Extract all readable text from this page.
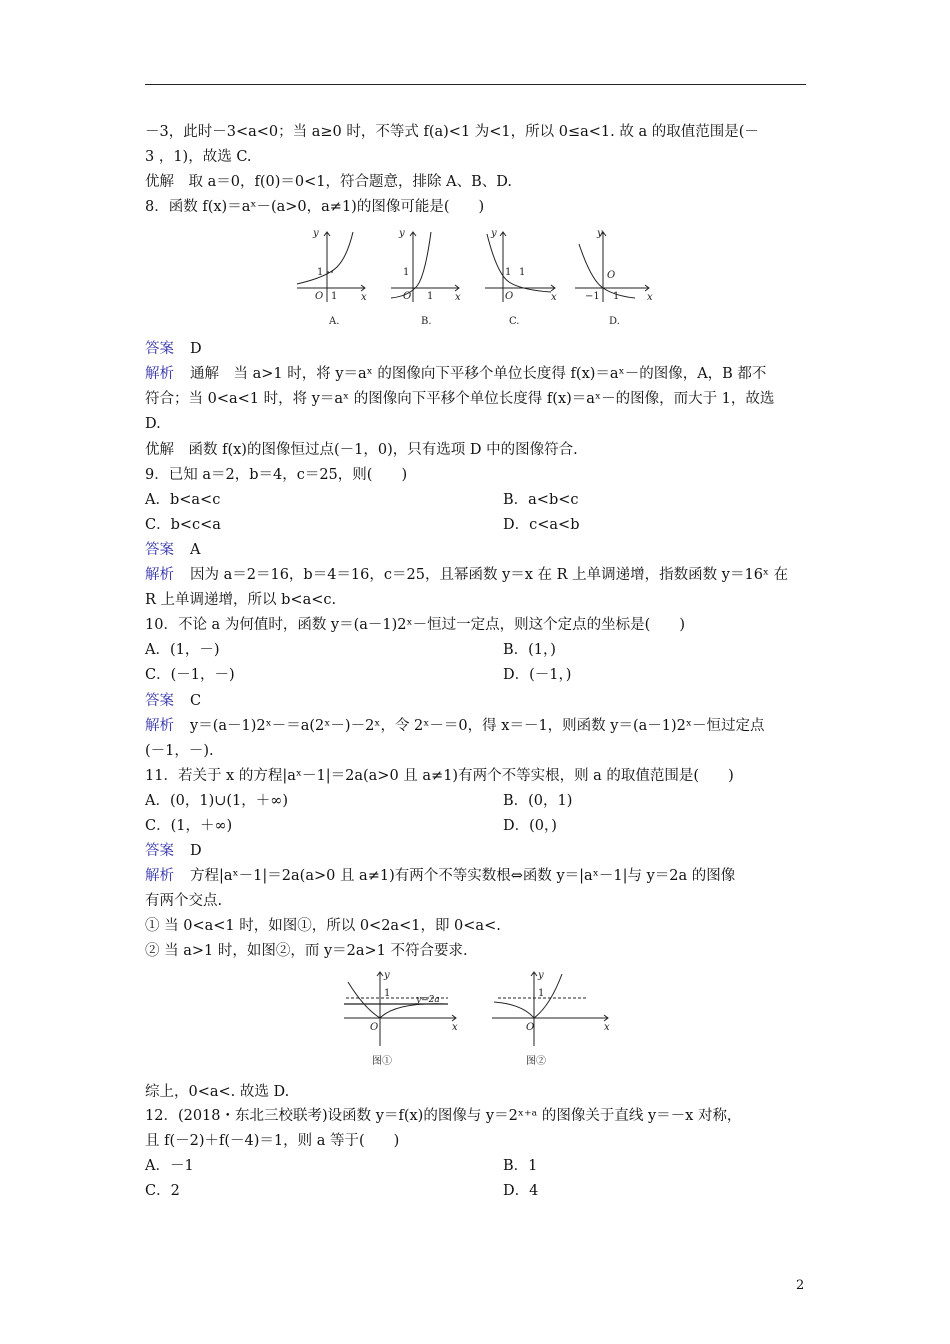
－3，此时－3<a<0；当 a≥0 时，不等式 f(a)<1 为<1，所以 0≤a<1. 故 a 的取值范围是(－
3 ，1)，故选 C.
优解　 取 a＝0，f(0)＝0<1，符合题意，排除 A、B、D.
8．函数 f(x)＝aˣ－(a>0，a≠1)的图像可能是(　　)
y
x
O
1
1
y
x
O
1
1
y
x
O
1 1
y
x
O
−1 1
A.	B.	C.	D.
答案 D
解析 通解　当 a>1 时，将 y＝aˣ 的图像向下平移个单位长度得 f(x)＝aˣ－的图像，A，B 都不
符合；当 0<a<1 时，将 y＝aˣ 的图像向下平移个单位长度得 f(x)＝aˣ－的图像，而大于 1，故选
D.
优解　 函数 f(x)的图像恒过点(－1，0)，只有选项 D 中的图像符合.
9．已知 a＝2，b＝4，c＝25，则(　　)
A．b<a<c	B．a<b<c
C．b<c<a	D．c<a<b
答案 A
解析 因为 a＝2＝16，b＝4＝16，c＝25，且幂函数 y＝x 在 R 上单调递增，指数函数 y＝16ˣ 在
R 上单调递增，所以 b<a<c.
10．不论 a 为何值时，函数 y＝(a－1)2ˣ－恒过一定点，则这个定点的坐标是(　　)
A．(1，－)	B．(1，)
C．(－1，－)	D．(－1，)
答案 C
解析 y＝(a－1)2ˣ－＝a(2ˣ－)－2ˣ，令 2ˣ－＝0，得 x＝－1，则函数 y＝(a－1)2ˣ－恒过定点
(－1，－).
11．若关于 x 的方程|aˣ－1|＝2a(a>0 且 a≠1)有两个不等实根，则 a 的取值范围是(　　)
A．(0，1)∪(1，＋∞)	B．(0，1)
C．(1，＋∞)	D．(0，)
答案 D
解析 方程|aˣ－1|＝2a(a>0 且 a≠1)有两个不等实数根⇔函数 y＝|aˣ－1|与 y＝2a 的图像
有两个交点.
① 当 0<a<1 时，如图①，所以 0<2a<1，即 0<a<.
② 当 a>1 时，如图②，而 y＝2a>1 不符合要求.
y
x
O
1
y=2a
y
x
O
1
图①	图②
综上，0<a<. 故选 D.
12．(2018・东北三校联考)设函数 y＝f(x)的图像与 y＝2ˣ⁺ᵃ 的图像关于直线 y＝－x 对称，
且 f(－2)＋f(－4)＝1，则 a 等于(　　)
A．－1	B．1
C．2	D．4
2
